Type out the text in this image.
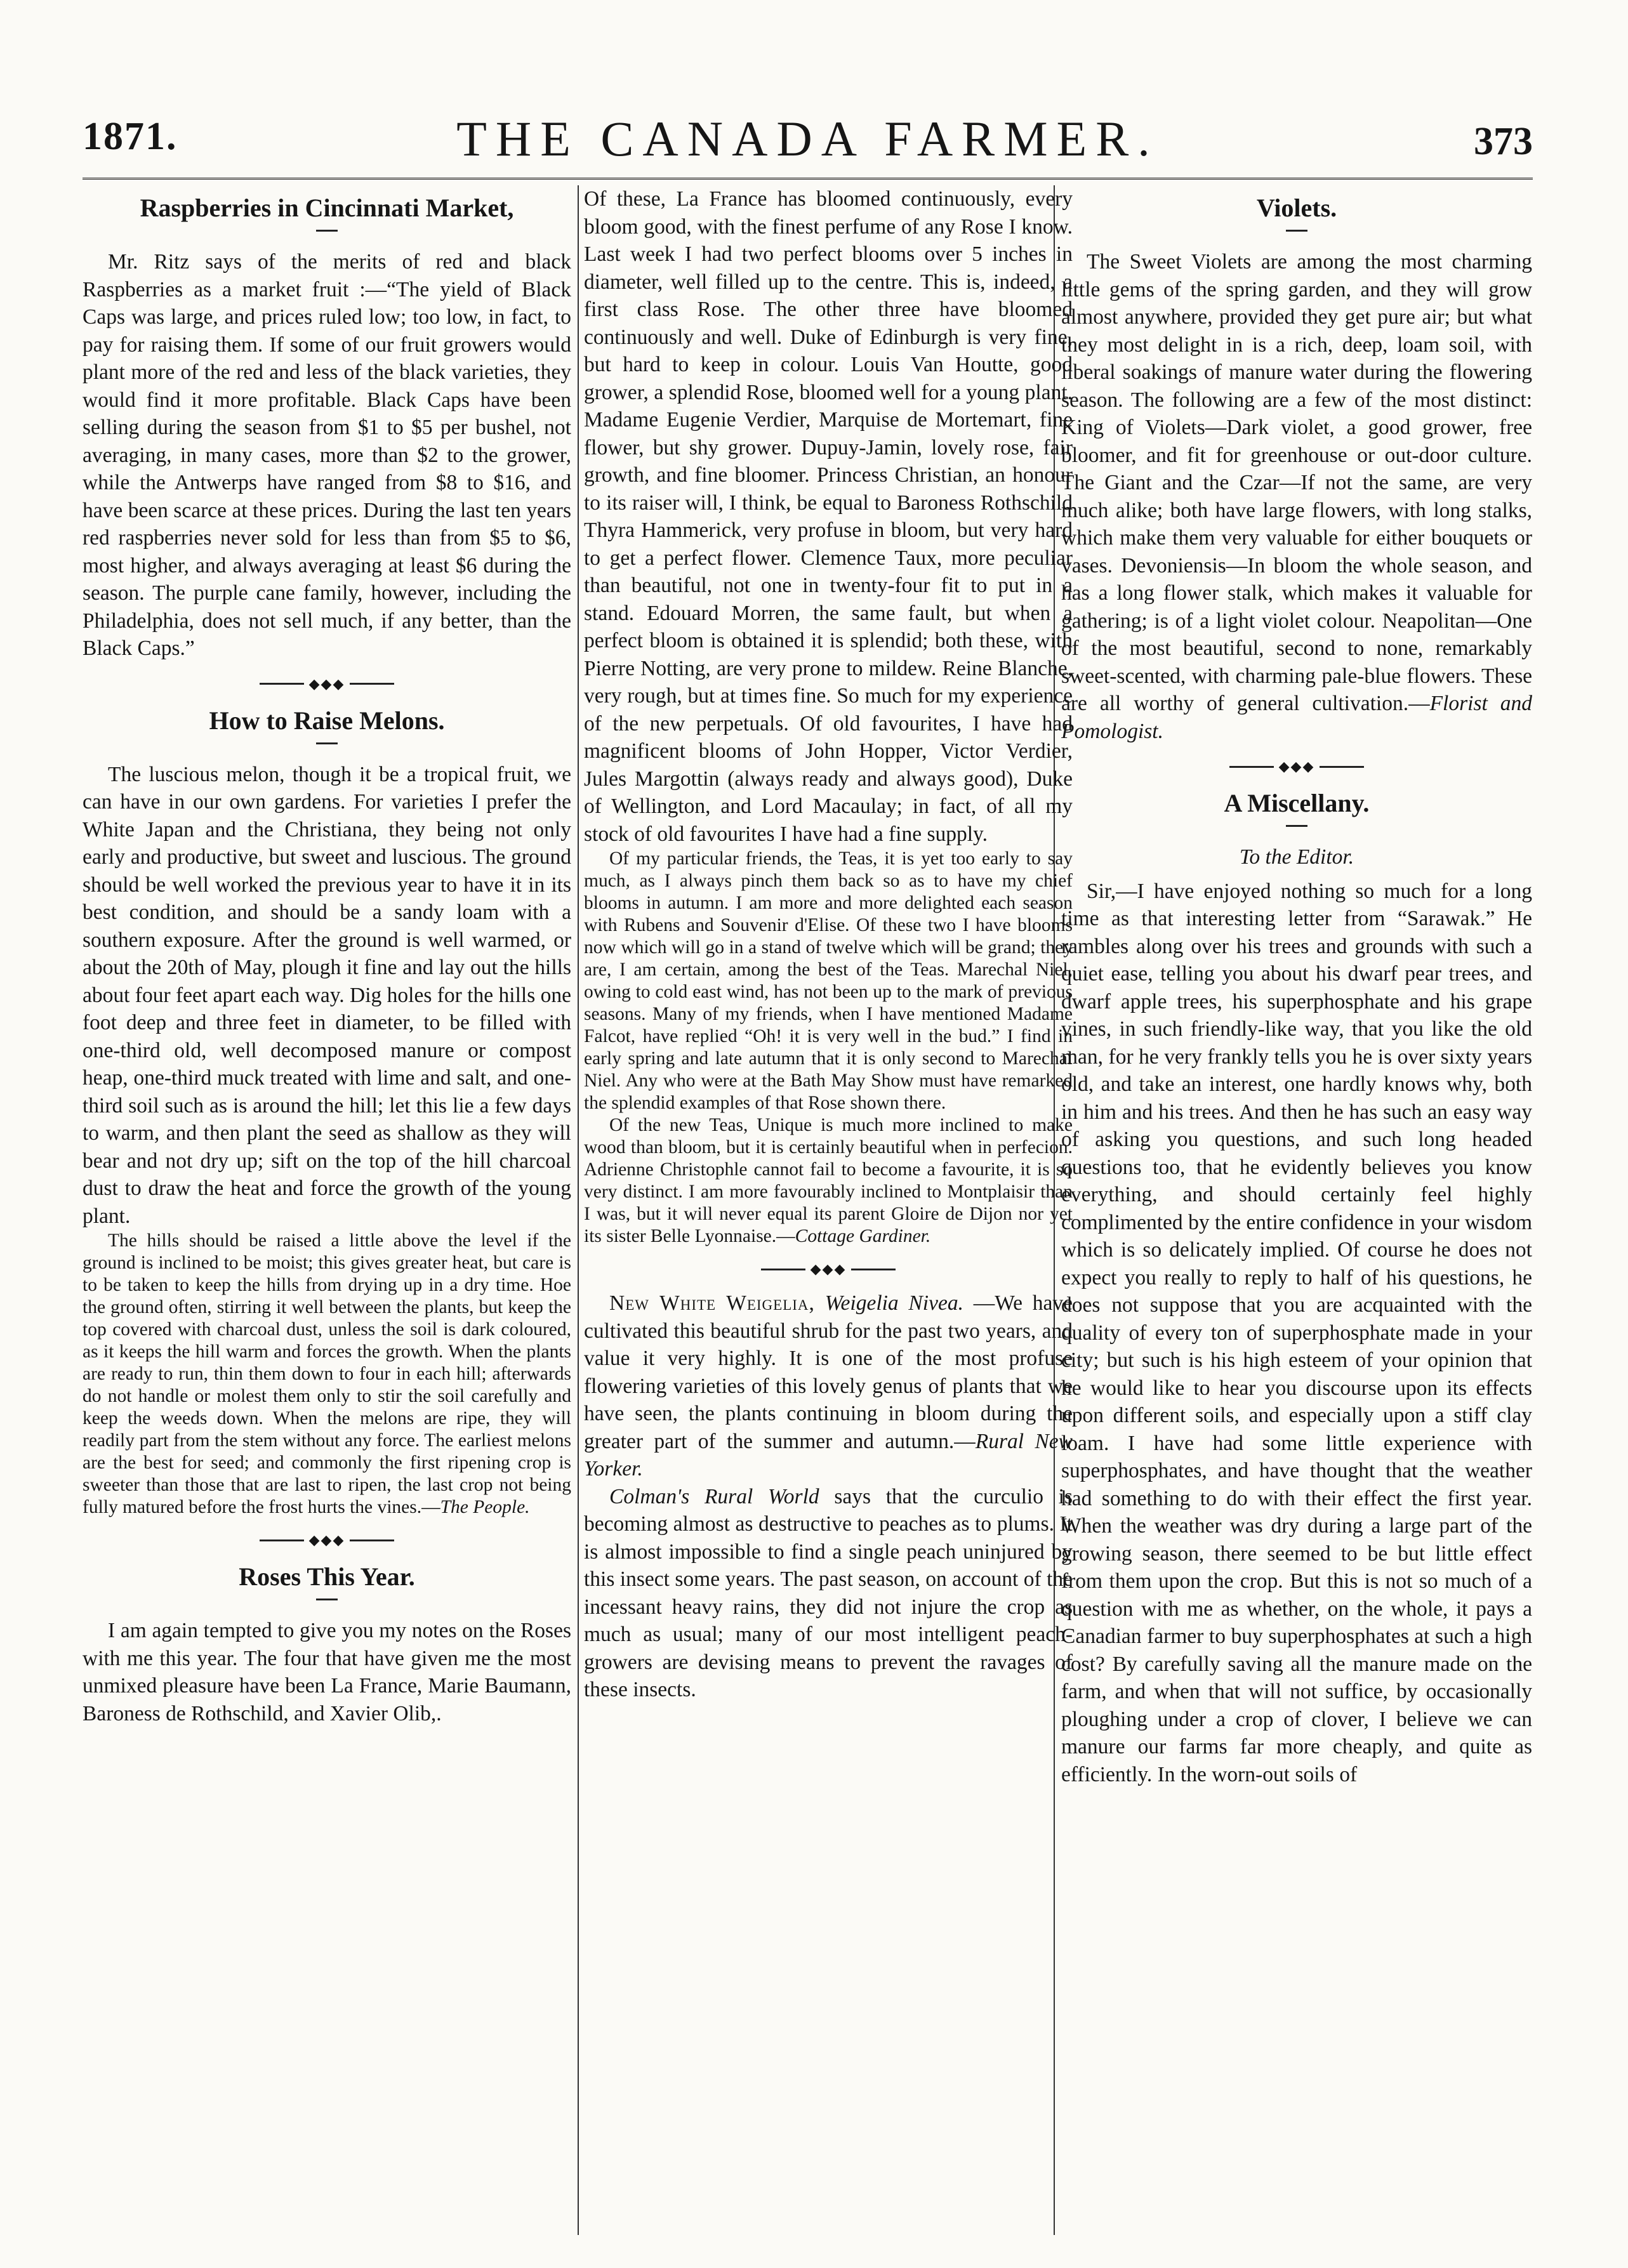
1871.	THE CANADA FARMER.	373
Raspberries in Cincinnati Market,

Mr. Ritz says of the merits of red and black Raspberries as a market fruit :—“The yield of Black Caps was large, and prices ruled low; too low, in fact, to pay for raising them. If some of our fruit growers would plant more of the red and less of the black varieties, they would find it more profitable. Black Caps have been selling during the season from $1 to $5 per bushel, not averaging, in many cases, more than $2 to the grower, while the Antwerps have ranged from $8 to $16, and have been scarce at these prices. During the last ten years red raspberries never sold for less than from $5 to $6, most higher, and always averaging at least $6 during the season. The purple cane family, however, including the Philadelphia, does not sell much, if any better, than the Black Caps.”

◆◆◆
How to Raise Melons.

The luscious melon, though it be a tropical fruit, we can have in our own gardens. For varieties I prefer the White Japan and the Christiana, they being not only early and productive, but sweet and luscious. The ground should be well worked the previous year to have it in its best condition, and should be a sandy loam with a southern exposure. After the ground is well warmed, or about the 20th of May, plough it fine and lay out the hills about four feet apart each way. Dig holes for the hills one foot deep and three feet in diameter, to be filled with one-third old, well decomposed manure or compost heap, one-third muck treated with lime and salt, and one-third soil such as is around the hill; let this lie a few days to warm, and then plant the seed as shallow as they will bear and not dry up; sift on the top of the hill charcoal dust to draw the heat and force the growth of the young plant.

The hills should be raised a little above the level if the ground is inclined to be moist; this gives greater heat, but care is to be taken to keep the hills from drying up in a dry time. Hoe the ground often, stirring it well between the plants, but keep the top covered with charcoal dust, unless the soil is dark coloured, as it keeps the hill warm and forces the growth. When the plants are ready to run, thin them down to four in each hill; afterwards do not handle or molest them only to stir the soil carefully and keep the weeds down. When the melons are ripe, they will readily part from the stem without any force. The earliest melons are the best for seed; and commonly the first ripening crop is sweeter than those that are last to ripen, the last crop not being fully matured before the frost hurts the vines.—The People.

◆◆◆
Roses This Year.

I am again tempted to give you my notes on the Roses with me this year. The four that have given me the most unmixed pleasure have been La France, Marie Baumann, Baroness de Rothschild, and Xavier Olib,.

Of these, La France has bloomed continuously, every bloom good, with the finest perfume of any Rose I know. Last week I had two perfect blooms over 5 inches in diameter, well filled up to the centre. This is, indeed, a first class Rose. The other three have bloomed continuously and well. Duke of Edinburgh is very fine, but hard to keep in colour. Louis Van Houtte, good grower, a splendid Rose, bloomed well for a young plant. Madame Eugenie Verdier, Marquise de Mortemart, fine flower, but shy grower. Dupuy-Jamin, lovely rose, fair growth, and fine bloomer. Princess Christian, an honour to its raiser will, I think, be equal to Baroness Rothschild Thyra Hammerick, very profuse in bloom, but very hard to get a perfect flower. Clemence Taux, more peculiar than beautiful, not one in twenty-four fit to put in a stand. Edouard Morren, the same fault, but when a perfect bloom is obtained it is splendid; both these, with Pierre Notting, are very prone to mildew. Reine Blanche, very rough, but at times fine. So much for my experience of the new perpetuals. Of old favourites, I have had magnificent blooms of John Hopper, Victor Verdier, Jules Margottin (always ready and always good), Duke of Wellington, and Lord Macaulay; in fact, of all my stock of old favourites I have had a fine supply.

Of my particular friends, the Teas, it is yet too early to say much, as I always pinch them back so as to have my chief blooms in autumn. I am more and more delighted each season with Rubens and Souvenir d'Elise. Of these two I have blooms now which will go in a stand of twelve which will be grand; they are, I am certain, among the best of the Teas. Marechal Niel, owing to cold east wind, has not been up to the mark of previous seasons. Many of my friends, when I have mentioned Madame Falcot, have replied “Oh! it is very well in the bud.” I find in early spring and late autumn that it is only second to Marechal Niel. Any who were at the Bath May Show must have remarked the splendid examples of that Rose shown there.

Of the new Teas, Unique is much more inclined to make wood than bloom, but it is certainly beautiful when in perfecion. Adrienne Christophle cannot fail to become a favourite, it is so very distinct. I am more favourably inclined to Montplaisir than I was, but it will never equal its parent Gloire de Dijon nor yet its sister Belle Lyonnaise.—Cottage Gardiner.

◆◆◆

New White Weigelia, Weigelia Nivea. —We have cultivated this beautiful shrub for the past two years, and value it very highly. It is one of the most profuse flowering varieties of this lovely genus of plants that we have seen, the plants continuing in bloom during the greater part of the summer and autumn.—Rural New Yorker.

Colman's Rural World says that the curculio is becoming almost as destructive to peaches as to plums. It is almost impossible to find a single peach uninjured by this insect some years. The past season, on account of the incessant heavy rains, they did not injure the crop as much as usual; many of our most intelligent peach-growers are devising means to prevent the ravages of these insects.

Violets.

The Sweet Violets are among the most charming little gems of the spring garden, and they will grow almost anywhere, provided they get pure air; but what they most delight in is a rich, deep, loam soil, with liberal soakings of manure water during the flowering season. The following are a few of the most distinct: King of Violets—Dark violet, a good grower, free bloomer, and fit for greenhouse or out-door culture. The Giant and the Czar—If not the same, are very much alike; both have large flowers, with long stalks, which make them very valuable for either bouquets or vases. Devoniensis—In bloom the whole season, and has a long flower stalk, which makes it valuable for gathering; is of a light violet colour. Neapolitan—One of the most beautiful, second to none, remarkably sweet-scented, with charming pale-blue flowers. These are all worthy of general cultivation.—Florist and Pomologist.

◆◆◆
A Miscellany.
To the Editor.

Sir,—I have enjoyed nothing so much for a long time as that interesting letter from “Sarawak.” He rambles along over his trees and grounds with such a quiet ease, telling you about his dwarf pear trees, and dwarf apple trees, his superphosphate and his grape vines, in such friendly-like way, that you like the old man, for he very frankly tells you he is over sixty years old, and take an interest, one hardly knows why, both in him and his trees. And then he has such an easy way of asking you questions, and such long headed questions too, that he evidently believes you know everything, and should certainly feel highly complimented by the entire confidence in your wisdom which is so delicately implied. Of course he does not expect you really to reply to half of his questions, he does not suppose that you are acquainted with the quality of every ton of superphosphate made in your city; but such is his high esteem of your opinion that he would like to hear you discourse upon its effects upon different soils, and especially upon a stiff clay loam. I have had some little experience with superphosphates, and have thought that the weather had something to do with their effect the first year. When the weather was dry during a large part of the growing season, there seemed to be but little effect from them upon the crop. But this is not so much of a question with me as whether, on the whole, it pays a Canadian farmer to buy superphosphates at such a high cost? By carefully saving all the manure made on the farm, and when that will not suffice, by occasionally ploughing under a crop of clover, I believe we can manure our farms far more cheaply, and quite as efficiently. In the worn-out soils of
